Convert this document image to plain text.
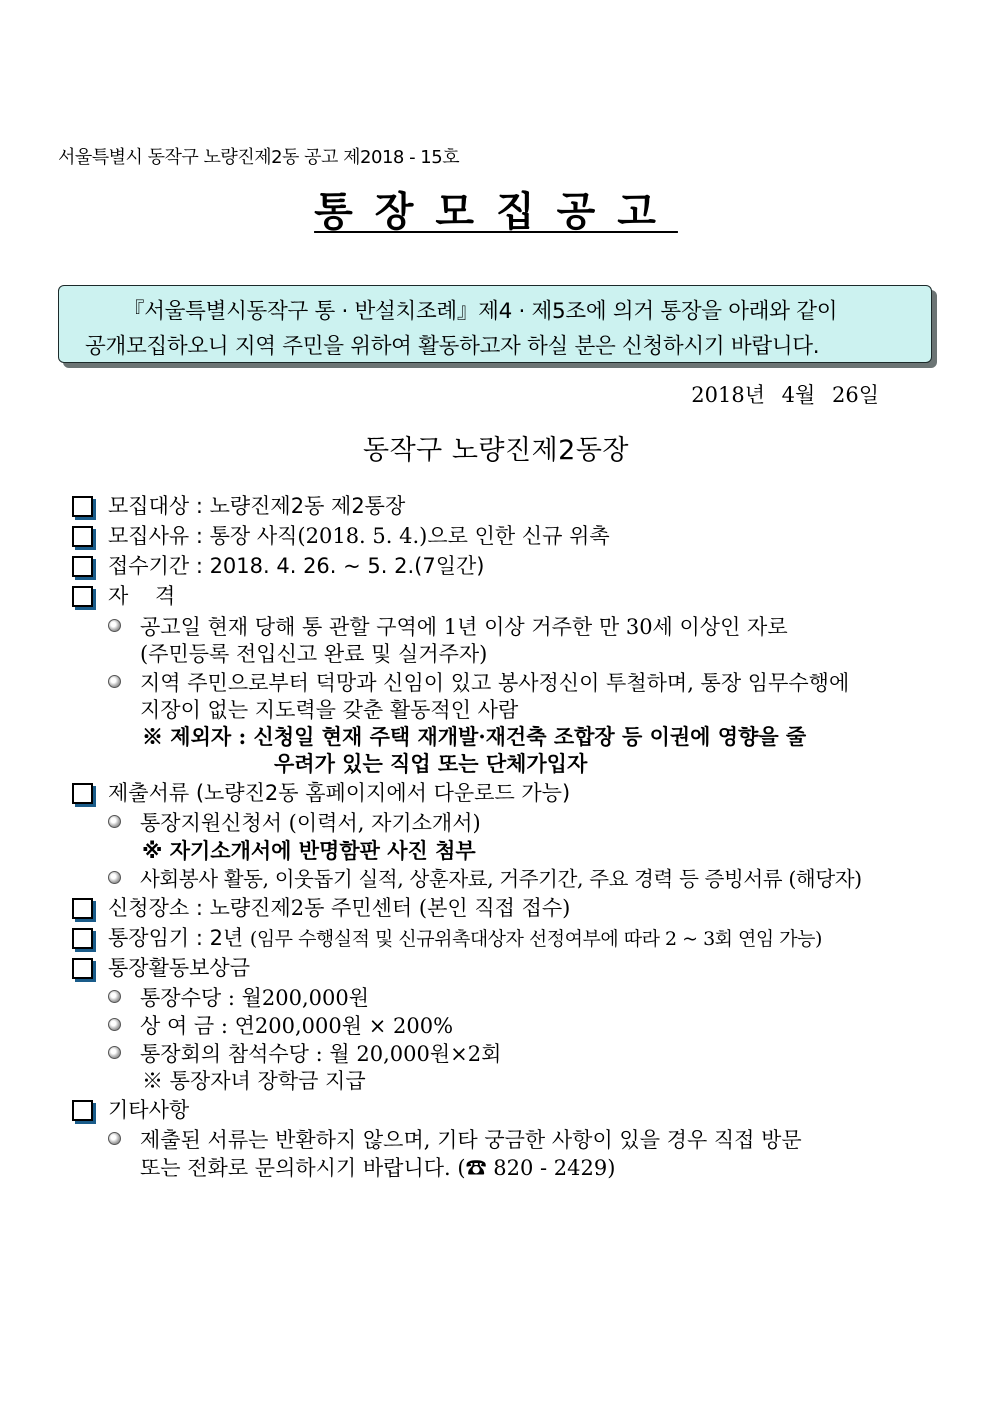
서울특별시 동작구 노량진제2동 공고 제2018 - 15호
통장모집공고
『서울특별시동작구 통 · 반설치조례』제4 · 제5조에 의거 통장을 아래와 같이
공개모집하오니 지역 주민을 위하여 활동하고자 하실 분은 신청하시기 바랍니다.
2018년 4월 26일
동작구 노량진제2동장
모집대상 : 노량진제2동 제2통장
모집사유 : 통장 사직(2018. 5. 4.)으로 인한 신규 위촉
접수기간 : 2018. 4. 26. ~ 5. 2.(7일간)
자    격
공고일 현재 당해 통 관할 구역에 1년 이상 거주한 만 30세 이상인 자로
(주민등록 전입신고 완료 및 실거주자)
지역 주민으로부터 덕망과 신임이 있고 봉사정신이 투철하며, 통장 임무수행에
지장이 없는 지도력을 갖춘 활동적인 사람
※ 제외자 : 신청일 현재 주택 재개발·재건축 조합장 등 이권에 영향을 줄
우려가 있는 직업 또는 단체가입자
제출서류 (노량진2동 홈페이지에서 다운로드 가능)
통장지원신청서 (이력서, 자기소개서)
※ 자기소개서에 반명함판 사진 첨부
사회봉사 활동, 이웃돕기 실적, 상훈자료, 거주기간, 주요 경력 등 증빙서류 (해당자)
신청장소 : 노량진제2동 주민센터 (본인 직접 접수)
통장임기 : 2년 (임무 수행실적 및 신규위촉대상자 선정여부에 따라 2 ~ 3회 연임 가능)
통장활동보상금
통장수당 : 월200,000원
상 여 금 : 연200,000원 × 200%
통장회의 참석수당 : 월 20,000원×2회
※ 통장자녀 장학금 지급
기타사항
제출된 서류는 반환하지 않으며, 기타 궁금한 사항이 있을 경우 직접 방문
또는 전화로 문의하시기 바랍니다. (☎ 820 - 2429)
